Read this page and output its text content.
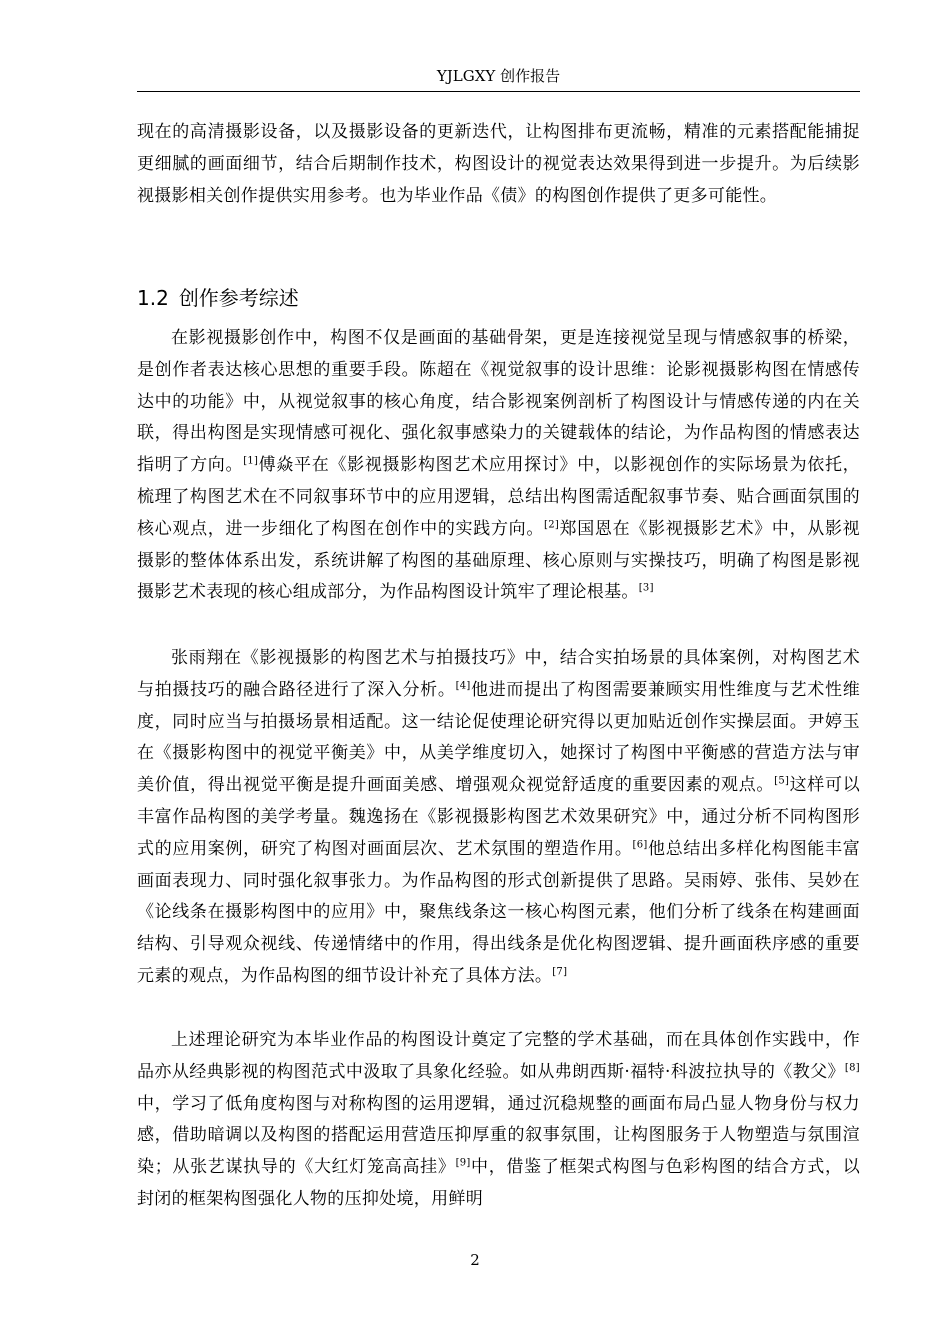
YJLGXY 创作报告

现在的高清摄影设备，以及摄影设备的更新迭代，让构图排布更流畅，精准的元素搭配能捕捉更细腻的画面细节，结合后期制作技术，构图设计的视觉表达效果得到进一步提升。为后续影视摄影相关创作提供实用参考。也为毕业作品《债》的构图创作提供了更多可能性。

1.2 创作参考综述

在影视摄影创作中，构图不仅是画面的基础骨架，更是连接视觉呈现与情感叙事的桥梁，是创作者表达核心思想的重要手段。陈超在《视觉叙事的设计思维：论影视摄影构图在情感传达中的功能》中，从视觉叙事的核心角度，结合影视案例剖析了构图设计与情感传递的内在关联，得出构图是实现情感可视化、强化叙事感染力的关键载体的结论，为作品构图的情感表达指明了方向。[1]傅焱平在《影视摄影构图艺术应用探讨》中，以影视创作的实际场景为依托，梳理了构图艺术在不同叙事环节中的应用逻辑，总结出构图需适配叙事节奏、贴合画面氛围的核心观点，进一步细化了构图在创作中的实践方向。[2]郑国恩在《影视摄影艺术》中，从影视摄影的整体体系出发，系统讲解了构图的基础原理、核心原则与实操技巧，明确了构图是影视摄影艺术表现的核心组成部分，为作品构图设计筑牢了理论根基。[3]

张雨翔在《影视摄影的构图艺术与拍摄技巧》中，结合实拍场景的具体案例，对构图艺术与拍摄技巧的融合路径进行了深入分析。[4]他进而提出了构图需要兼顾实用性维度与艺术性维度，同时应当与拍摄场景相适配。这一结论促使理论研究得以更加贴近创作实操层面。尹婷玉在《摄影构图中的视觉平衡美》中，从美学维度切入，她探讨了构图中平衡感的营造方法与审美价值，得出视觉平衡是提升画面美感、增强观众视觉舒适度的重要因素的观点。[5]这样可以丰富作品构图的美学考量。魏逸扬在《影视摄影构图艺术效果研究》中，通过分析不同构图形式的应用案例，研究了构图对画面层次、艺术氛围的塑造作用。[6]他总结出多样化构图能丰富画面表现力、同时强化叙事张力。为作品构图的形式创新提供了思路。吴雨婷、张伟、吴妙在《论线条在摄影构图中的应用》中，聚焦线条这一核心构图元素，他们分析了线条在构建画面结构、引导观众视线、传递情绪中的作用，得出线条是优化构图逻辑、提升画面秩序感的重要元素的观点，为作品构图的细节设计补充了具体方法。[7]

上述理论研究为本毕业作品的构图设计奠定了完整的学术基础，而在具体创作实践中，作品亦从经典影视的构图范式中汲取了具象化经验。如从弗朗西斯·福特·科波拉执导的《教父》[8]中，学习了低角度构图与对称构图的运用逻辑，通过沉稳规整的画面布局凸显人物身份与权力感，借助暗调以及构图的搭配运用营造压抑厚重的叙事氛围，让构图服务于人物塑造与氛围渲染；从张艺谋执导的《大红灯笼高高挂》[9]中，借鉴了框架式构图与色彩构图的结合方式，以封闭的框架构图强化人物的压抑处境，用鲜明

2
